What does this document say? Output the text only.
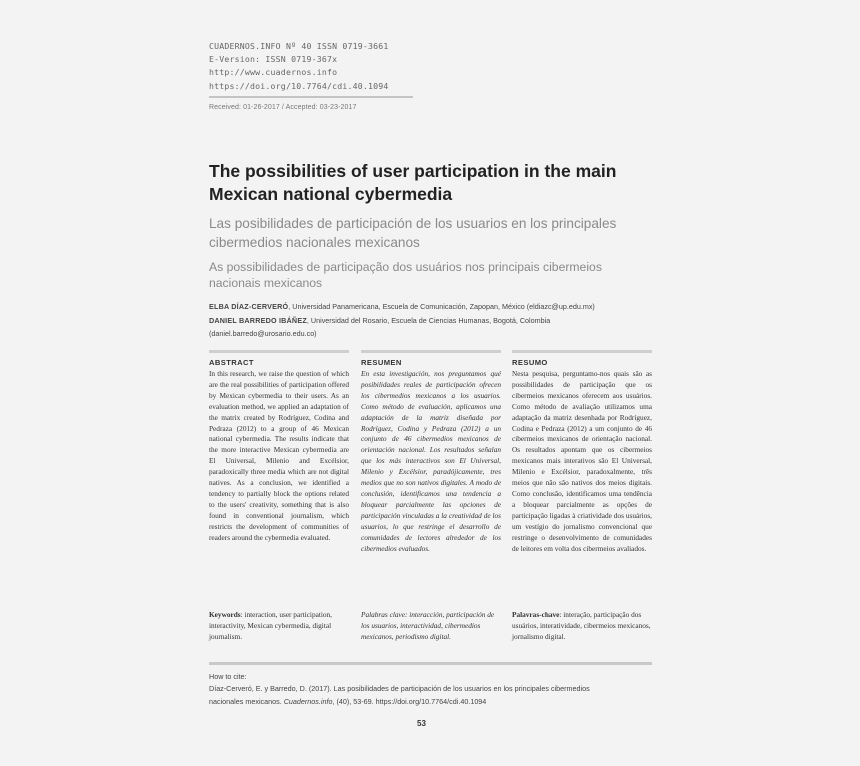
CUADERNOS.INFO Nº 40 ISSN 0719-3661
E-Version: ISSN 0719-367x
http://www.cuadernos.info
https://doi.org/10.7764/cdi.40.1094
Received: 01-26-2017 / Accepted: 03-23-2017
The possibilities of user participation in the main Mexican national cybermedia
Las posibilidades de participación de los usuarios en los principales cibermedios nacionales mexicanos
As possibilidades de participação dos usuários nos principais cibermeios nacionais mexicanos
ELBA DÍAZ-CERVERÓ, Universidad Panamericana, Escuela de Comunicación, Zapopan, México (eldiazc@up.edu.mx)
DANIEL BARREDO IBÁÑEZ, Universidad del Rosario, Escuela de Ciencias Humanas, Bogotá, Colombia
(daniel.barredo@urosario.edu.co)
ABSTRACT
In this research, we raise the question of which are the real possibilities of participation offered by Mexican cybermedia to their users. As an evaluation method, we applied an adaptation of the matrix created by Rodríguez, Codina and Pedraza (2012) to a group of 46 Mexican national cybermedia. The results indicate that the more interactive Mexican cybermedia are El Universal, Milenio and Excélsior, paradoxically three media which are not digital natives. As a conclusion, we identified a tendency to partially block the options related to the users' creativity, something that is also found in conventional journalism, which restricts the development of communities of readers around the cybermedia evaluated.
Keywords: interaction, user participation, interactivity, Mexican cybermedia, digital journalism.
RESUMEN
En esta investigación, nos preguntamos qué posibilidades reales de participación ofrecen los cibermedios mexicanos a los usuarios. Como método de evaluación, aplicamos una adaptación de la matriz diseñada por Rodríguez, Codina y Pedraza (2012) a un conjunto de 46 cibermedios mexicanos de orientación nacional. Los resultados señalan que los más interactivos son El Universal, Milenio y Excélsior, paradójicamente, tres medios que no son nativos digitales. A modo de conclusión, identificamos una tendencia a bloquear parcialmente las opciones de participación vinculadas a la creatividad de los usuarios, lo que restringe el desarrollo de comunidades de lectores alrededor de los cibermedios evaluados.
Palabras clave: interacción, participación de los usuarios, interactividad, cibermedios mexicanos, periodismo digital.
RESUMO
Nesta pesquisa, perguntamo-nos quais são as possibilidades de participação que os cibermeios mexicanos oferecem aos usuários. Como método de avaliação utilizamos uma adaptação da matriz desenhada por Rodríguez, Codina e Pedraza (2012) a um conjunto de 46 cibermeios mexicanos de orientação nacional. Os resultados apontam que os cibermeios mexicanos mais interativos são El Universal, Milenio e Excélsior, paradoxalmente, três meios que não são nativos dos meios digitais. Como conclusão, identificamos uma tendência a bloquear parcialmente as opções de participação ligadas à criatividade dos usuários, um vestígio do jornalismo convencional que restringe o desenvolvimento de comunidades de leitores em volta dos cibermeios avaliados.
Palavras-chave: interação, participação dos usuários, interatividade, cibermeios mexicanos, jornalismo digital.
How to cite:
Díaz-Cerveró, E. y Barredo, D. (2017). Las posibilidades de participación de los usuarios en los principales cibermedios
nacionales mexicanos. Cuadernos.info, (40), 53-69. https://doi.org/10.7764/cdi.40.1094
53
